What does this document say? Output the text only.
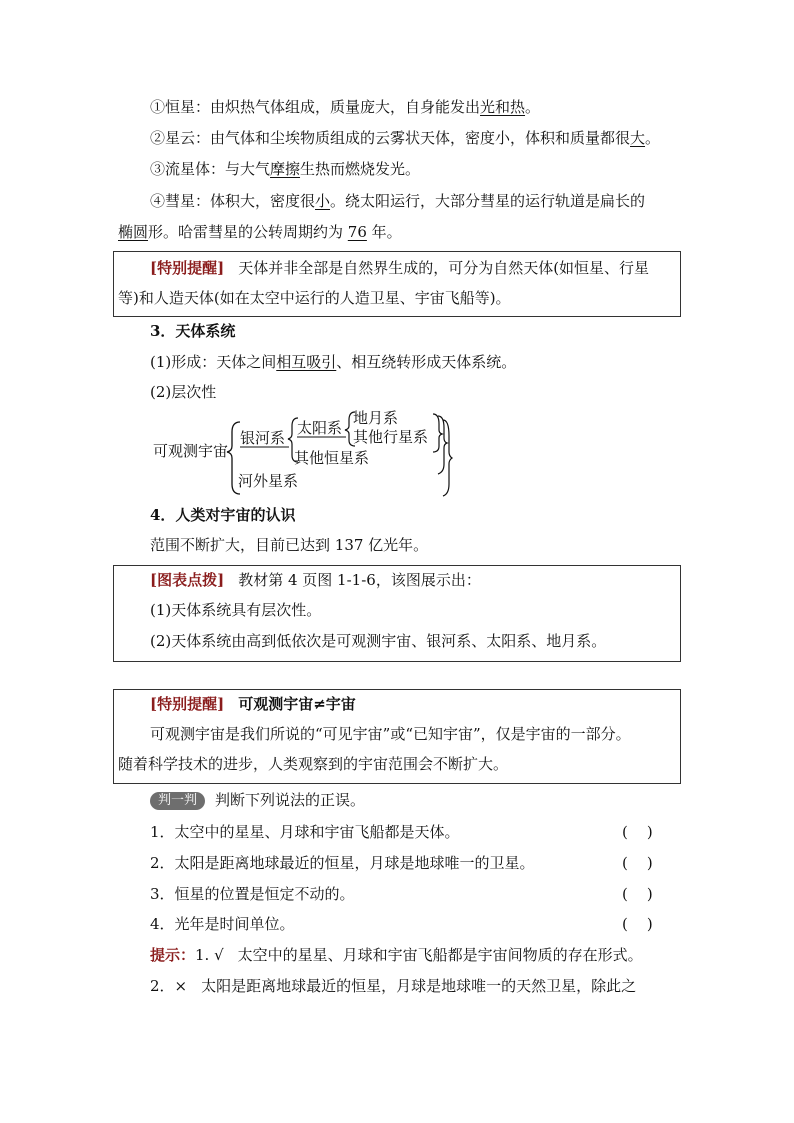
①恒星：由炽热气体组成，质量庞大，自身能发出光和热。
②星云：由气体和尘埃物质组成的云雾状天体，密度小，体积和质量都很大。
③流星体：与大气摩擦生热而燃烧发光。
④彗星：体积大，密度很小。绕太阳运行，大部分彗星的运行轨道是扁长的
椭圆形。哈雷彗星的公转周期约为 76 年。
[特别提醒] 天体并非全部是自然界生成的，可分为自然天体(如恒星、行星
等)和人造天体(如在太空中运行的人造卫星、宇宙飞船等)。
3．天体系统
(1)形成：天体之间相互吸引、相互绕转形成天体系统。
(2)层次性
可观测宇宙
银河系
太阳系
地月系
其他行星系
其他恒星系
河外星系
4．人类对宇宙的认识
范围不断扩大，目前已达到 137 亿光年。
[图表点拨] 教材第 4 页图 1-1-6，该图展示出：
(1)天体系统具有层次性。
(2)天体系统由高到低依次是可观测宇宙、银河系、太阳系、地月系。
[特别提醒] 可观测宇宙≠宇宙
可观测宇宙是我们所说的“可见宇宙”或“已知宇宙”，仅是宇宙的一部分。
随着科学技术的进步，人类观察到的宇宙范围会不断扩大。
判一判 判断下列说法的正误。
1．太空中的星星、月球和宇宙飞船都是天体。	(    )
2．太阳是距离地球最近的恒星，月球是地球唯一的卫星。	(    )
3．恒星的位置是恒定不动的。	(    )
4．光年是时间单位。	(    )
提示：1. √ 太空中的星星、月球和宇宙飞船都是宇宙间物质的存在形式。
2．× 太阳是距离地球最近的恒星，月球是地球唯一的天然卫星，除此之
